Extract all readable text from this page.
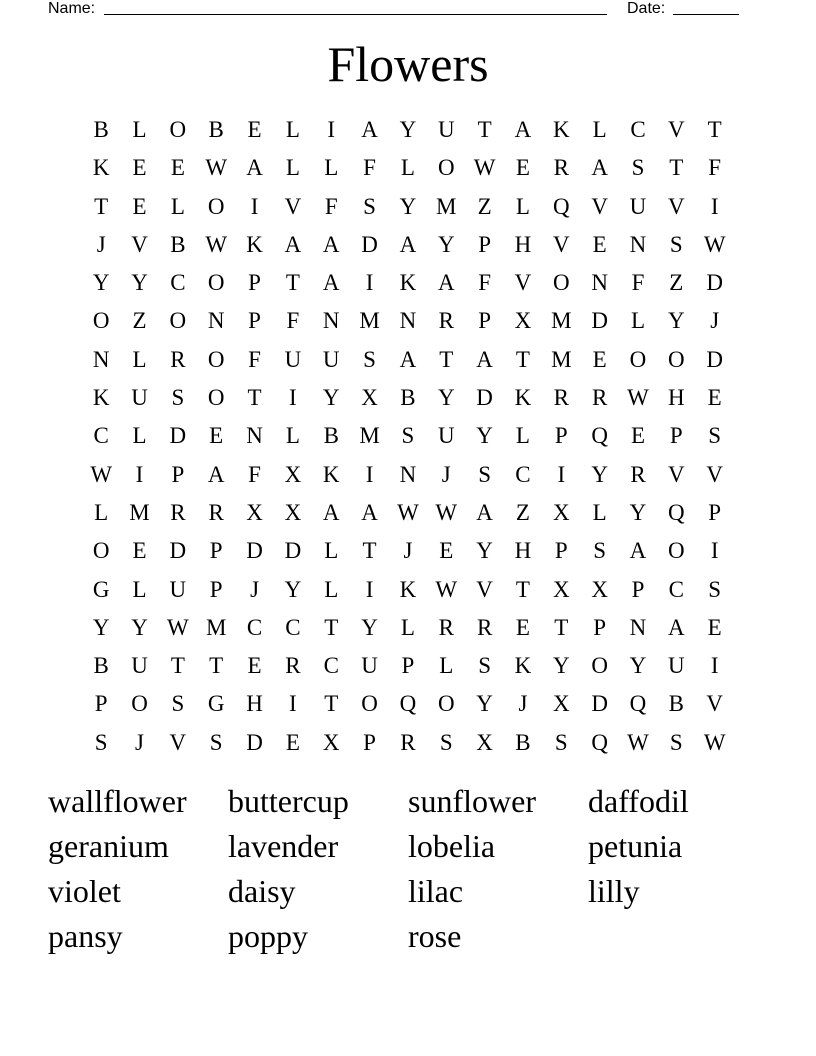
Name:	Date:
Flowers
B	L	O B	E	L	I	A Y U	T	A K	L	C V	T
K	E	E W A	L	L	F	L	O W E	R A	S	T	F
T	E	L	O	I	V	F	S	Y M Z	L	Q V U V	I
J	V B W K A A D A Y	P	H V	E	N	S W
Y Y C O	P	T	A	I	K A	F	V O N	F	Z	D
O	Z	O N	P	F	N M N R	P	X M D	L	Y	J
N	L	R O	F	U U	S	A	T	A	T M E	O O D
K U	S	O	T	I	Y X B Y D K R	R W H	E
C	L	D	E	N	L	B M S	U Y	L	P	Q	E	P	S
W	I	P	A	F	X K	I	N	J	S	C	I	Y R V V
L M R	R X X A A W W A	Z	X	L	Y Q	P
O	E	D	P	D D	L	T	J	E	Y H	P	S	A O	I
G	L	U	P	J	Y	L	I	K W V	T	X X	P	C	S
Y Y W M C	C	T	Y	L	R	R	E	T	P	N A	E
B U	T	T	E	R	C U	P	L	S	K Y O Y U	I
P	O	S	G H	I	T	O Q O Y	J	X D Q B V
S	J	V	S	D	E	X	P	R	S	X B	S	Q W S W
wallflower	buttercup	sunflower	daffodil
geranium	lavender	lobelia	petunia
violet	daisy	lilac	lilly
pansy	poppy	rose
